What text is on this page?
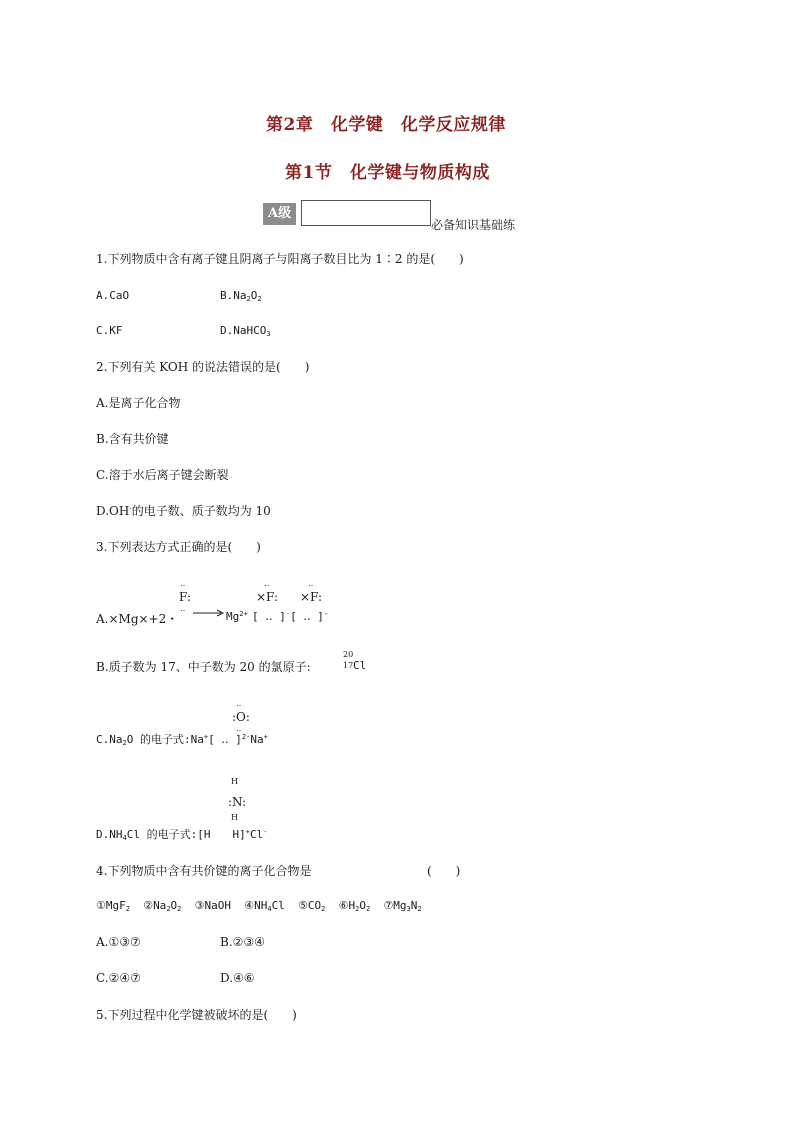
第2章　化学键　化学反应规律
第1节　化学键与物质构成
A级
必备知识基础练
1.下列物质中含有离子键且阴离子与阳离子数目比为 1∶2 的是(　　)
A.CaO	$B.Na_2O_2$
C.KF	D.NaHCO$_3$
2.下列有关 KOH 的说法错误的是(　　)
A.是离子化合物
B.含有共价键
C.溶于水后离子键会断裂
D.OH-的电子数、质子数均为 10
3.下列表达方式正确的是(　　)
A.×Mg×+2・
‥
F:
‥ → $Mg^{2+}$
‥
×F:
‥
×F:
[ ‥ ]-[ ‥ ]-
B.质子数为 17、中子数为 20 的氯原子:
20
17 Cl
‥
:O:
‥
$C.Na_2O$ 的电子式:Na+[ ‥ ]$^{2-}$Na+
H
:N:
H
$D.NH_4Cl$ 的电子式:[H H]+Cl-
4.下列物质中含有共价键的离子化合物是	(　　)
①MgF$_2$ $②Na_2O_2$ ③NaOH $④NH_4Cl$ $⑤CO_2$ $⑥H_2O_2$ $⑦Mg_3N_2$
A.①③⑦	B.②③④
C.②④⑦	D.④⑥
5.下列过程中化学键被破坏的是(　　)
